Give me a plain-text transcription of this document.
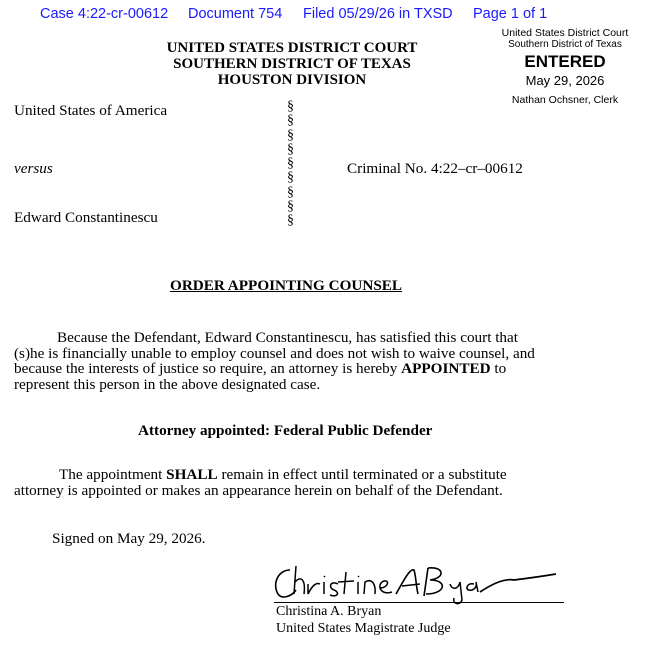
Case 4:22-cr-00612 Document 754 Filed 05/29/26 in TXSD Page 1 of 1
UNITED STATES DISTRICT COURT
SOUTHERN DISTRICT OF TEXAS
HOUSTON DIVISION
United States District Court
Southern District of Texas
ENTERED
May 29, 2026
Nathan Ochsner, Clerk
United States of America
versus
Edward Constantinescu
Criminal No. 4:22–cr–00612
§
§
§
§
§
§
§
§
§
ORDER APPOINTING COUNSEL
Because the Defendant, Edward Constantinescu, has satisfied this court that
(s)he is financially unable to employ counsel and does not wish to waive counsel, and
because the interests of justice so require, an attorney is hereby APPOINTED to
represent this person in the above designated case.
Attorney appointed: Federal Public Defender
The appointment SHALL remain in effect until terminated or a substitute
attorney is appointed or makes an appearance herein on behalf of the Defendant.
Signed on May 29, 2026.
Christina A. Bryan
United States Magistrate Judge
